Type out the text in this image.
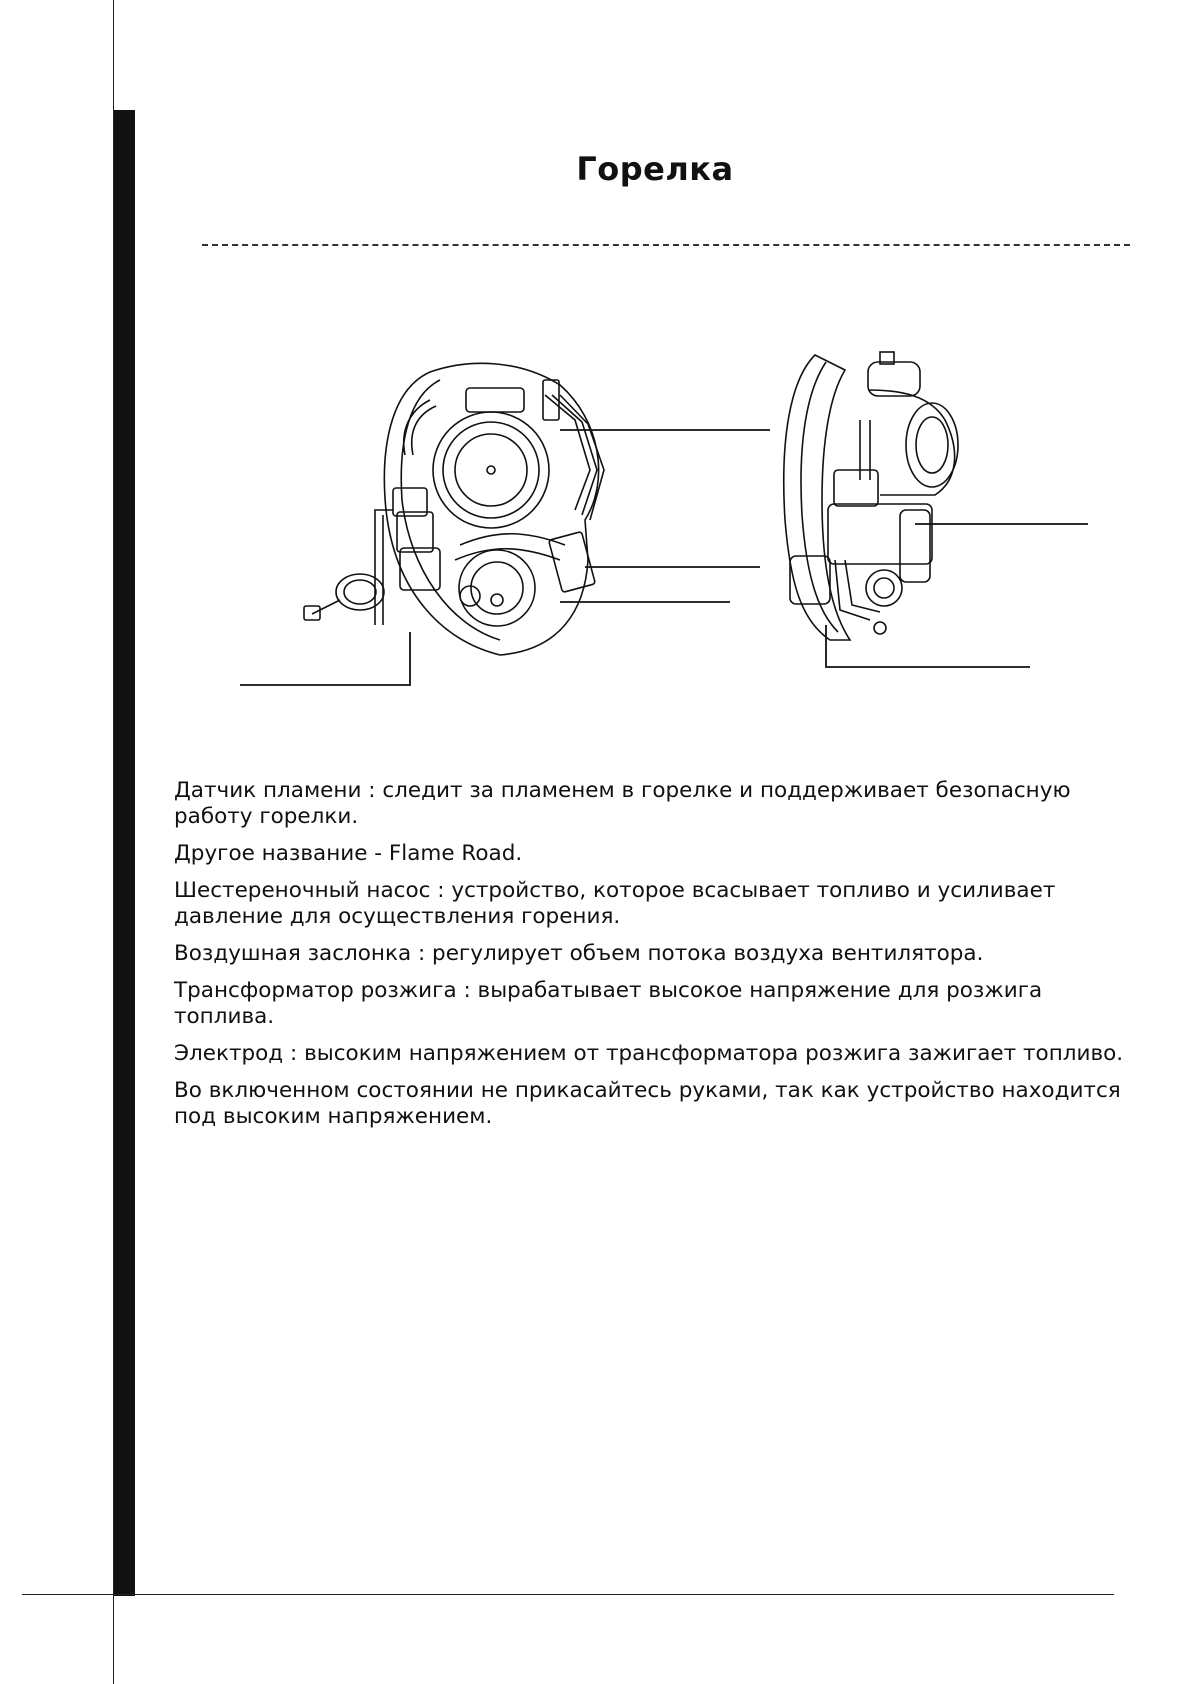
Горелка

Датчик пламени : следит за пламенем в горелке и поддерживает безопасную работу горелки.

Другое название - Flame Road.

Шестереночный насос : устройство, которое всасывает топливо и усиливает давление для осуществления горения.

Воздушная заслонка : регулирует объем потока воздуха вентилятора.

Трансформатор розжига : вырабатывает высокое напряжение для розжига топлива.

Электрод : высоким напряжением от трансформатора розжига зажигает топливо.

Во включенном состоянии не прикасайтесь руками, так как устройство находится под высоким напряжением.
